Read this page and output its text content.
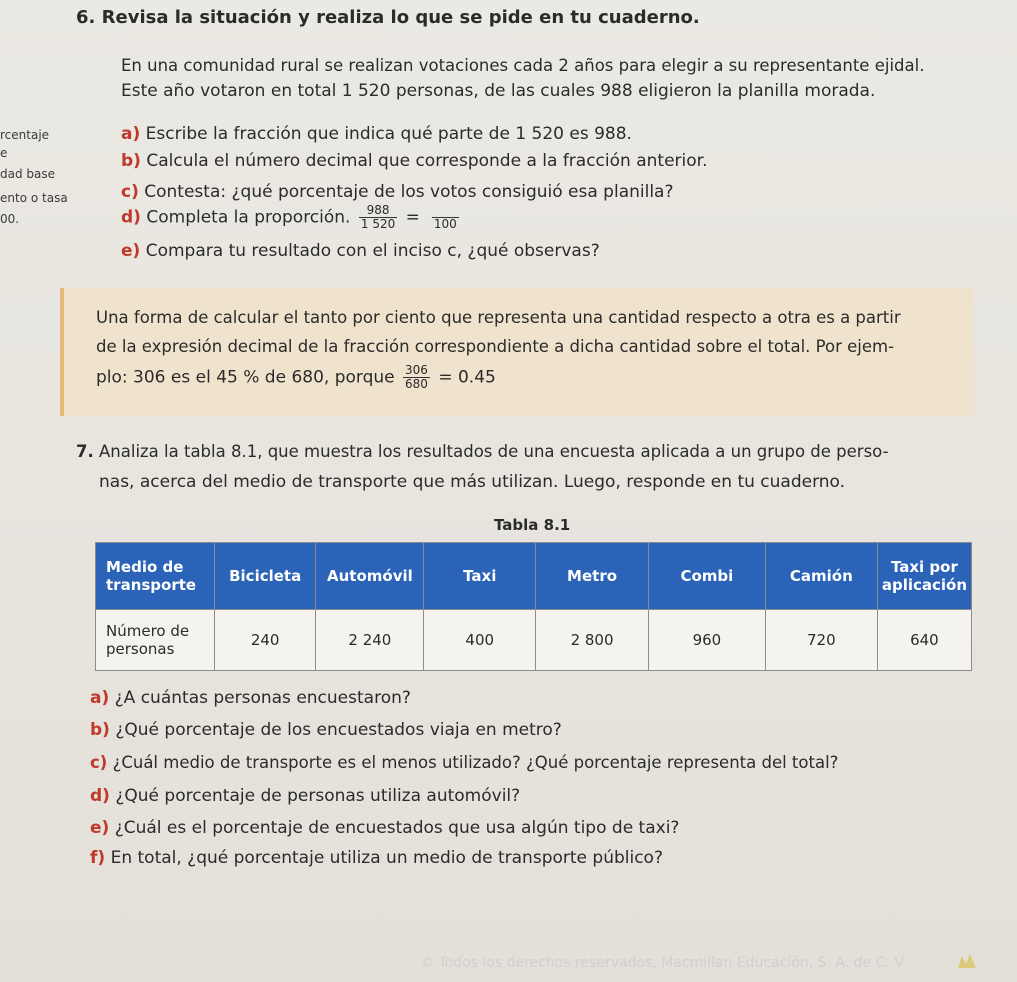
rcentaje
e
dad base
ento o tasa
00.
6. Revisa la situación y realiza lo que se pide en tu cuaderno.
En una comunidad rural se realizan votaciones cada 2 años para elegir a su representante ejidal.
Este año votaron en total 1 520 personas, de las cuales 988 eligieron la planilla morada.
a) Escribe la fracción que indica qué parte de 1 520 es 988.
b) Calcula el número decimal que corresponde a la fracción anterior.
c) Contesta: ¿qué porcentaje de los votos consiguió esa planilla?
d) Completa la proporción. $\frac{988}{1 520} = 100$
e) Compara tu resultado con el inciso c, ¿qué observas?
Una forma de calcular el tanto por ciento que representa una cantidad respecto a otra es a partir
de la expresión decimal de la fracción correspondiente a dicha cantidad sobre el total. Por ejem-
plo: 306 es el 45 % de 680, porque $\frac{306}{680} = 0.45$
7. Analiza la tabla 8.1, que muestra los resultados de una encuesta aplicada a un grupo de perso-
nas, acerca del medio de transporte que más utilizan. Luego, responde en tu cuaderno.
Tabla 8.1
Medio de transporte	Bicicleta	Automóvil	Taxi	Metro	Combi	Camión	Taxi por aplicación
Número de personas	240	2 240	400	2 800	960	720	640
a) ¿A cuántas personas encuestaron?
b) ¿Qué porcentaje de los encuestados viaja en metro?
c) ¿Cuál medio de transporte es el menos utilizado? ¿Qué porcentaje representa del total?
d) ¿Qué porcentaje de personas utiliza automóvil?
e) ¿Cuál es el porcentaje de encuestados que usa algún tipo de taxi?
f) En total, ¿qué porcentaje utiliza un medio de transporte público?
© Todos los derechos reservados, Macmillan Educación, S. A. de C. V.
